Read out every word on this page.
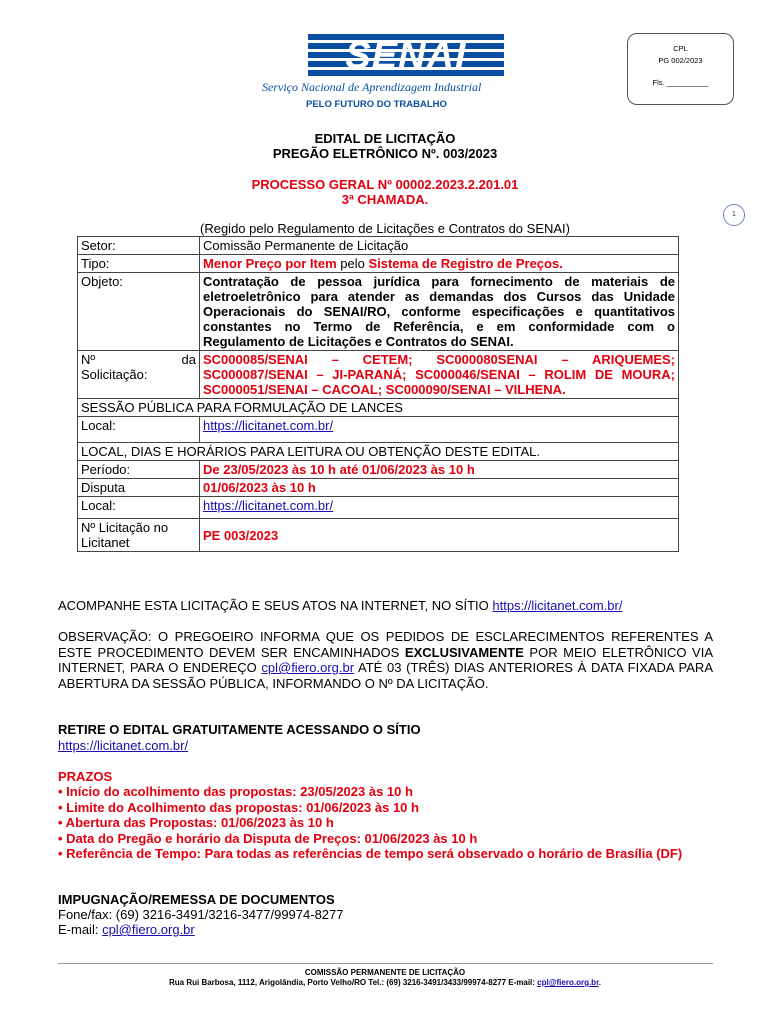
SENAI
Serviço Nacional de Aprendizagem Industrial
PELO FUTURO DO TRABALHO
CPL
PG 002/2023
Fls. __________
1
EDITAL DE LICITAÇÃO
PREGÃO ELETRÔNICO Nº. 003/2023
PROCESSO GERAL Nº 00002.2023.2.201.01
3ª CHAMADA.
(Regido pelo Regulamento de Licitações e Contratos do SENAI)
Setor:	Comissão Permanente de Licitação
Tipo:	Menor Preço por Item pelo Sistema de Registro de Preços.
Objeto:	Contratação de pessoa jurídica para fornecimento de materiais de eletroeletrônico para atender as demandas dos Cursos das Unidade Operacionais do SENAI/RO, conforme especificações e quantitativos constantes no Termo de Referência, e em conformidade com o Regulamento de Licitações e Contratos do SENAI.

Nº da
Solicitação:	SC000085/SENAI – CETEM; SC000080SENAI – ARIQUEMES; SC000087/SENAI – JI-PARANÁ; SC000046/SENAI – ROLIM DE MOURA; SC000051/SENAI – CACOAL; SC000090/SENAI – VILHENA.
SESSÃO PÚBLICA PARA FORMULAÇÃO DE LANCES	
Local:	https://licitanet.com.br/
LOCAL, DIAS E HORÁRIOS PARA LEITURA OU OBTENÇÃO DESTE EDITAL.	
Período:	De 23/05/2023 às 10 h até 01/06/2023 às 10 h
Disputa	01/06/2023 às 10 h
Local:	https://licitanet.com.br/
Nº Licitação no Licitanet	PE 003/2023
ACOMPANHE ESTA LICITAÇÃO E SEUS ATOS NA INTERNET, NO SÍTIO https://licitanet.com.br/
OBSERVAÇÃO: O PREGOEIRO INFORMA QUE OS PEDIDOS DE ESCLARECIMENTOS REFERENTES A ESTE PROCEDIMENTO DEVEM SER ENCAMINHADOS EXCLUSIVAMENTE POR MEIO ELETRÔNICO VIA INTERNET, PARA O ENDEREÇO cpl@fiero.org.br ATÉ 03 (TRÊS) DIAS ANTERIORES À DATA FIXADA PARA ABERTURA DA SESSÃO PÚBLICA, INFORMANDO O Nº DA LICITAÇÃO.
RETIRE O EDITAL GRATUITAMENTE ACESSANDO O SÍTIO
https://licitanet.com.br/
PRAZOS
• Início do acolhimento das propostas: 23/05/2023 às 10 h
• Limite do Acolhimento das propostas: 01/06/2023 às 10 h
• Abertura das Propostas: 01/06/2023 às 10 h
• Data do Pregão e horário da Disputa de Preços: 01/06/2023 às 10 h
• Referência de Tempo: Para todas as referências de tempo será observado o horário de Brasília (DF)
IMPUGNAÇÃO/REMESSA DE DOCUMENTOS
Fone/fax: (69) 3216-3491/3216-3477/99974-8277
E-mail: cpl@fiero.org.br
COMISSÃO PERMANENTE DE LICITAÇÃO
Rua Rui Barbosa, 1112, Arigolândia, Porto Velho/RO Tel.: (69) 3216-3491/3433/99974-8277 E-mail: cpl@fiero.org.br.
